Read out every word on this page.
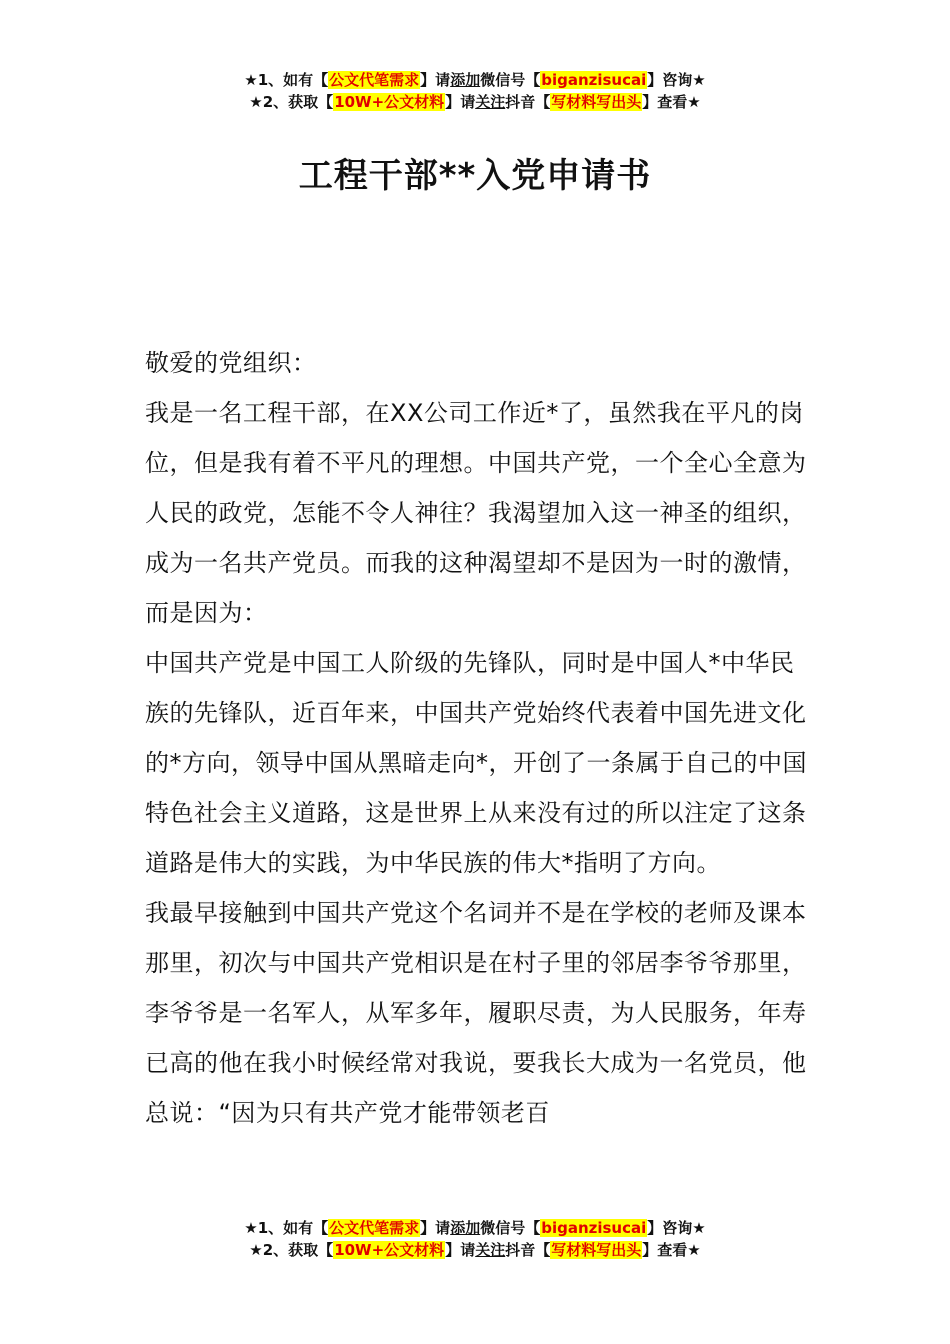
★1、如有【公文代笔需求】请添加微信号【biganzisucai】咨询★
★2、获取【10W+公文材料】请关注抖音【写材料写出头】查看★
工程干部**入党申请书

敬爱的党组织：

我是一名工程干部，在XX公司工作近*了，虽然我在平凡的岗位，但是我有着不平凡的理想。中国共产党，一个全心全意为人民的政党，怎能不令人神往？我渴望加入这一神圣的组织，成为一名共产党员。而我的这种渴望却不是因为一时的激情，而是因为：

中国共产党是中国工人阶级的先锋队，同时是中国人*中华民族的先锋队，近百年来，中国共产党始终代表着中国先进文化的*方向，领导中国从黑暗走向*，开创了一条属于自己的中国特色社会主义道路，这是世界上从来没有过的所以注定了这条道路是伟大的实践，为中华民族的伟大*指明了方向。

我最早接触到中国共产党这个名词并不是在学校的老师及课本那里，初次与中国共产党相识是在村子里的邻居李爷爷那里，李爷爷是一名军人，从军多年，履职尽责，为人民服务，年寿已高的他在我小时候经常对我说，要我长大成为一名党员，他总说：“因为只有共产党才能带领老百

★1、如有【公文代笔需求】请添加微信号【biganzisucai】咨询★
★2、获取【10W+公文材料】请关注抖音【写材料写出头】查看★
